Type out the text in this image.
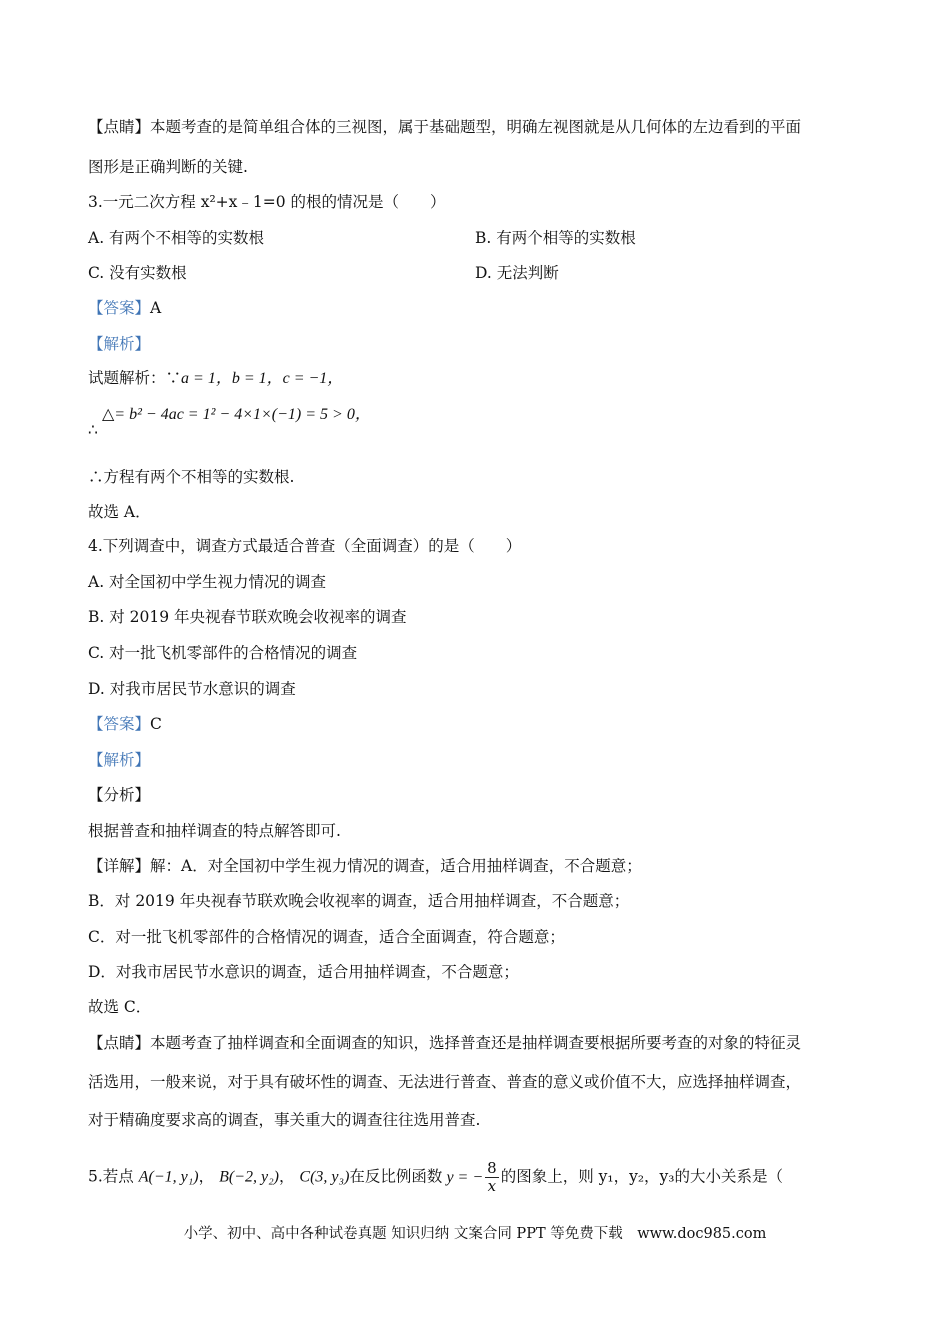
【点睛】本题考查的是简单组合体的三视图，属于基础题型，明确左视图就是从几何体的左边看到的平面
图形是正确判断的关键.
3.一元二次方程 x²+x﹣1=0 的根的情况是（　　）
A. 有两个不相等的实数根	B. 有两个相等的实数根
C. 没有实数根	D. 无法判断
【答案】A
【解析】
试题解析：∵a = 1，b = 1，c = −1，
△= b² − 4ac = 1² − 4×1×(−1) = 5 > 0，
∴
∴方程有两个不相等的实数根.
故选 A．
4.下列调查中，调查方式最适合普查（全面调查）的是（　　）
A. 对全国初中学生视力情况的调查
B. 对 2019 年央视春节联欢晚会收视率的调查
C. 对一批飞机零部件的合格情况的调查
D. 对我市居民节水意识的调查
【答案】C
【解析】
【分析】
根据普查和抽样调查的特点解答即可.
【详解】解：A．对全国初中学生视力情况的调查，适合用抽样调查，不合题意；
B．对 2019 年央视春节联欢晚会收视率的调查，适合用抽样调查，不合题意；
C．对一批飞机零部件的合格情况的调查，适合全面调查，符合题意；
D．对我市居民节水意识的调查，适合用抽样调查，不合题意；
故选 C．
【点睛】本题考查了抽样调查和全面调查的知识，选择普查还是抽样调查要根据所要考查的对象的特征灵
活选用，一般来说，对于具有破坏性的调查、无法进行普查、普查的意义或价值不大，应选择抽样调查，
对于精确度要求高的调查，事关重大的调查往往选用普查.
5.若点 A(−1, y₁)， B(−2, y₂)， C(3, y₃)在反比例函数 y = − $\frac{8}{x}$ 的图象上，则 y₁，y₂，y₃的大小关系是（
小学、初中、高中各种试卷真题 知识归纳 文案合同 PPT 等免费下载　www.doc985.com
